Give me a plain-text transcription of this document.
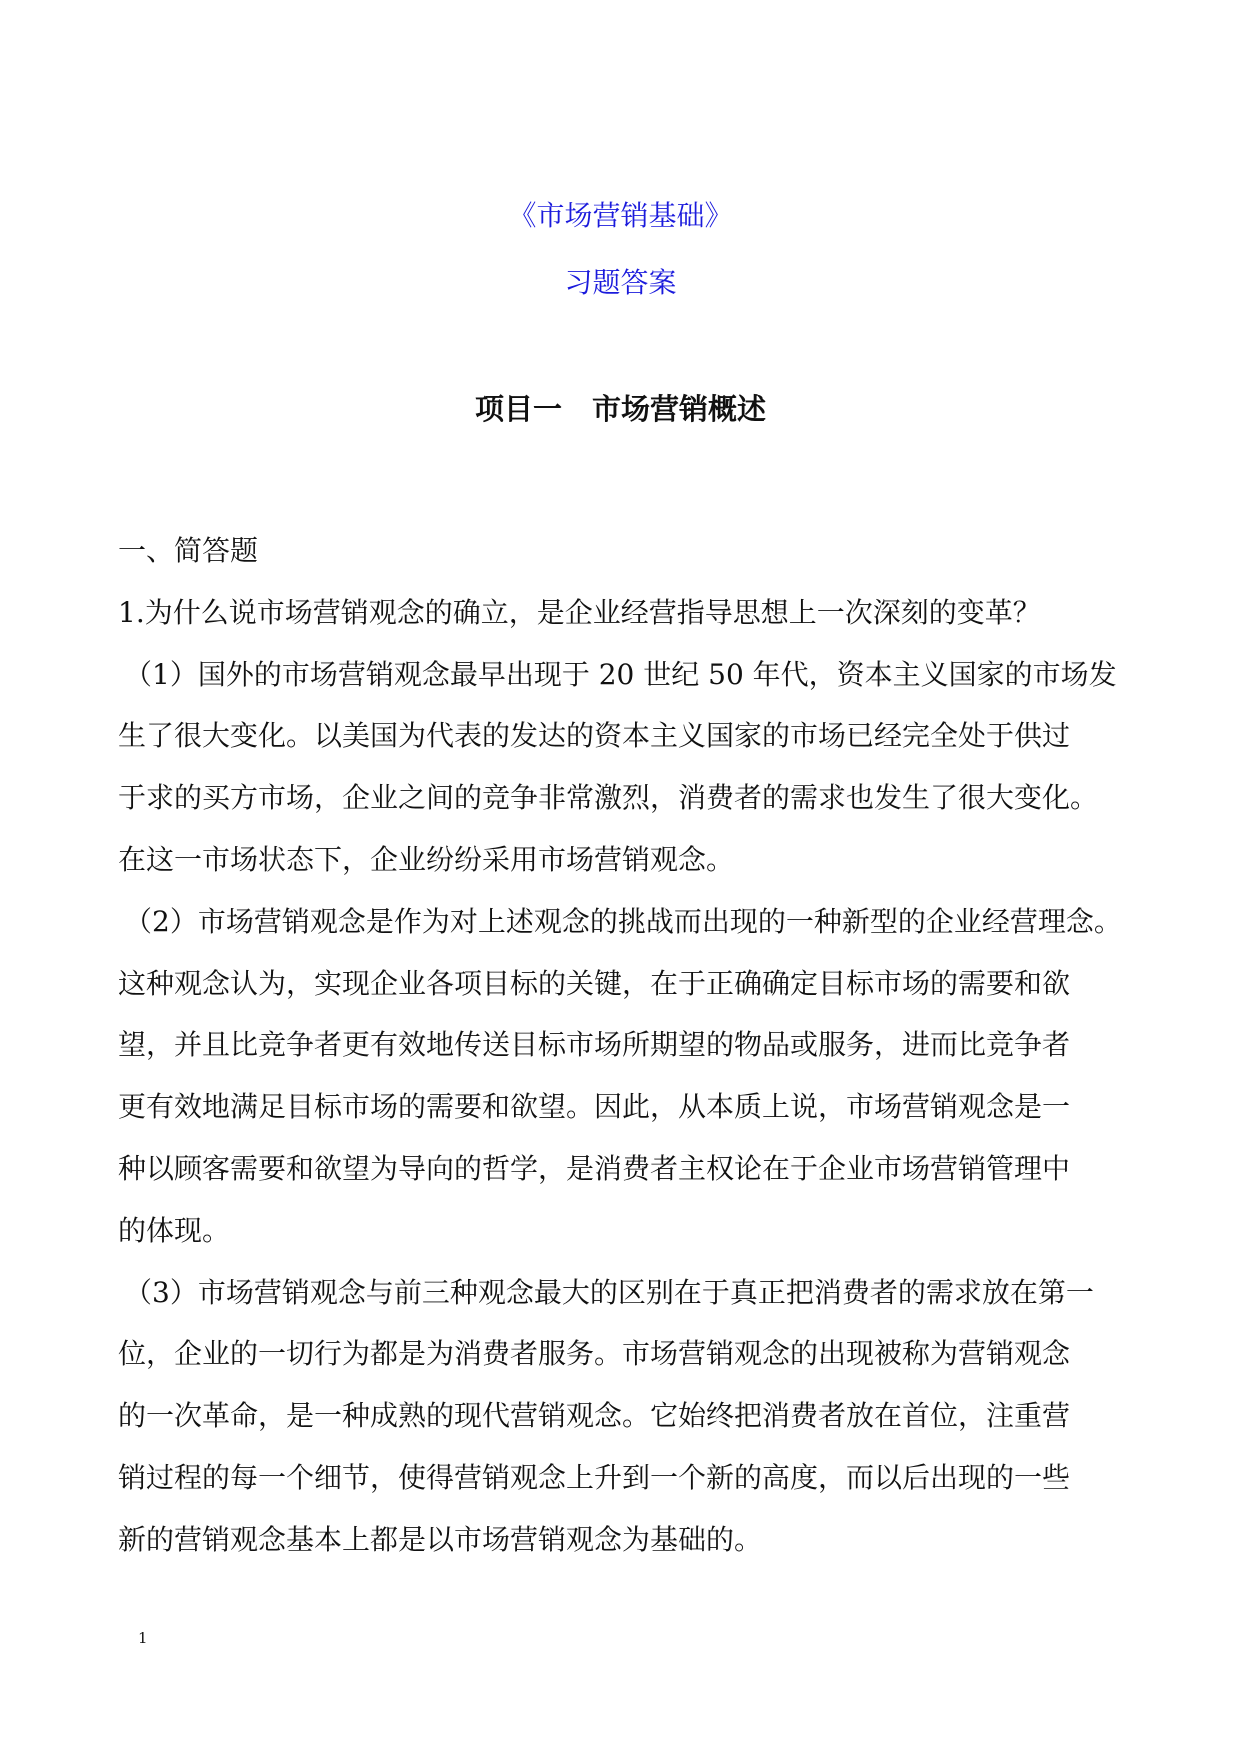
《市场营销基础》
习题答案
项目一 市场营销概述

一、简答题

1.为什么说市场营销观念的确立，是企业经营指导思想上一次深刻的变革？

（1）国外的市场营销观念最早出现于 20 世纪 50 年代，资本主义国家的市场发

生了很大变化。以美国为代表的发达的资本主义国家的市场已经完全处于供过

于求的买方市场，企业之间的竞争非常激烈，消费者的需求也发生了很大变化。

在这一市场状态下，企业纷纷采用市场营销观念。

（2）市场营销观念是作为对上述观念的挑战而出现的一种新型的企业经营理念。

这种观念认为，实现企业各项目标的关键，在于正确确定目标市场的需要和欲

望，并且比竞争者更有效地传送目标市场所期望的物品或服务，进而比竞争者

更有效地满足目标市场的需要和欲望。因此，从本质上说，市场营销观念是一

种以顾客需要和欲望为导向的哲学，是消费者主权论在于企业市场营销管理中

的体现。

（3）市场营销观念与前三种观念最大的区别在于真正把消费者的需求放在第一

位，企业的一切行为都是为消费者服务。市场营销观念的出现被称为营销观念

的一次革命，是一种成熟的现代营销观念。它始终把消费者放在首位，注重营

销过程的每一个细节，使得营销观念上升到一个新的高度，而以后出现的一些

新的营销观念基本上都是以市场营销观念为基础的。

1
